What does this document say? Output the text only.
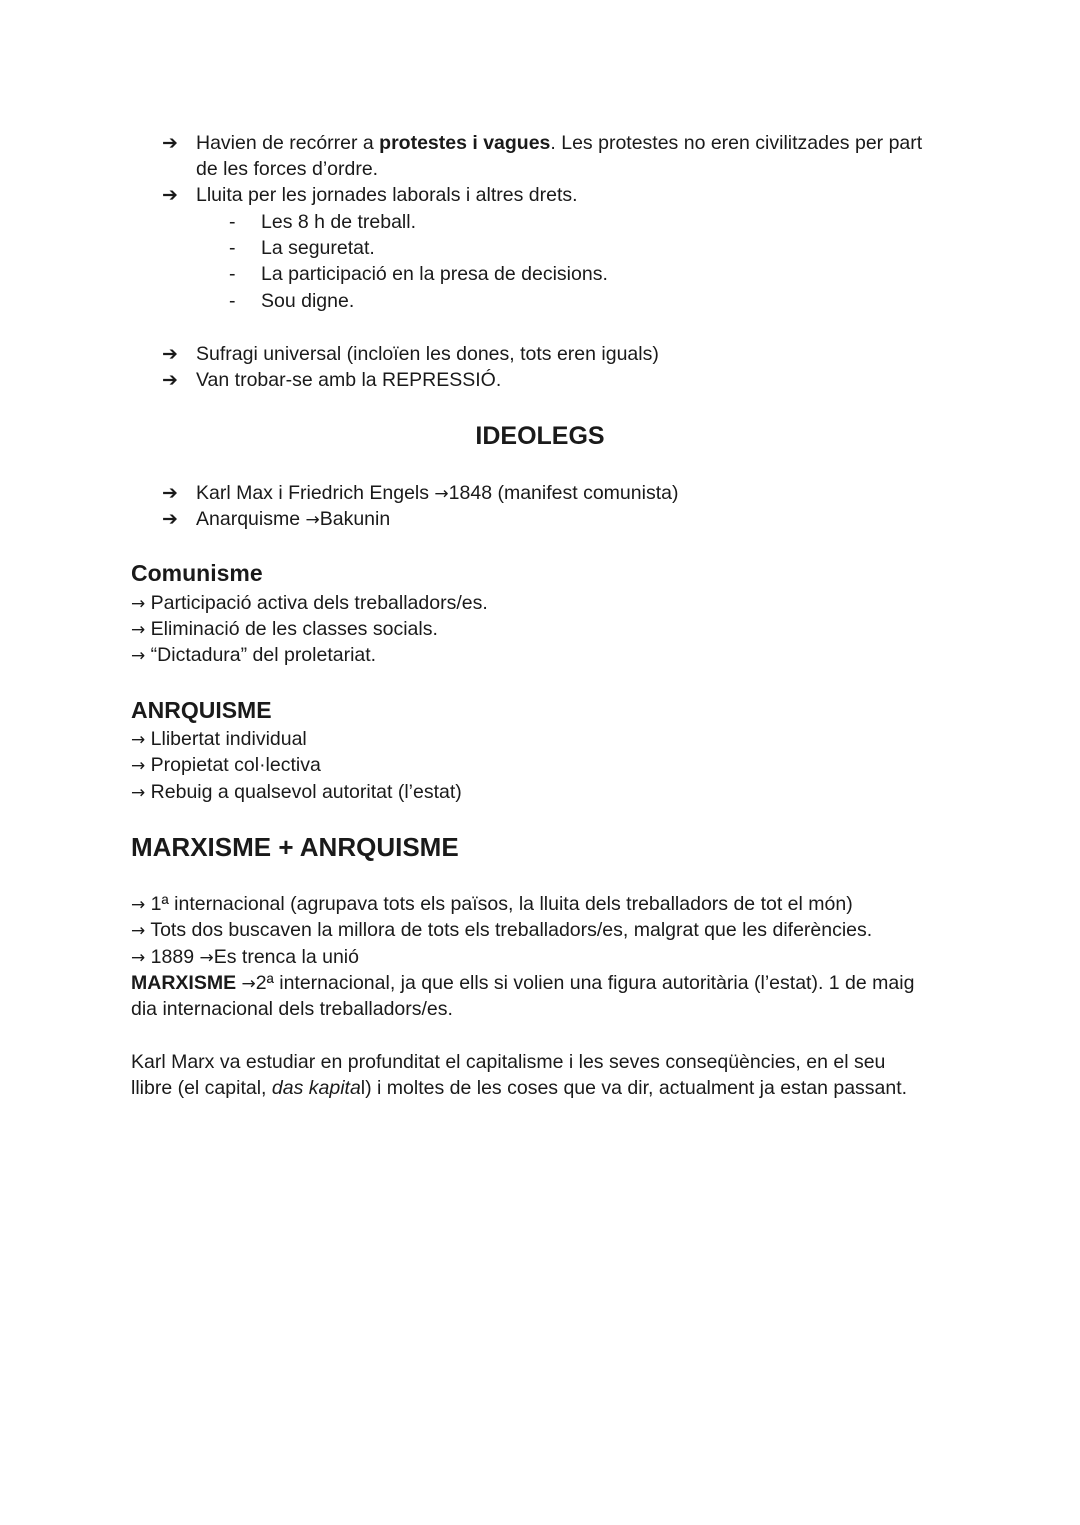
➔ Havien de recórrer a protestes i vagues. Les protestes no eren civilitzades per part
de les forces d’ordre.
➔ Lluita per les jornades laborals i altres drets.
- Les 8 h de treball.
- La seguretat.
- La participació en la presa de decisions.
- Sou digne.
➔ Sufragi universal (incloïen les dones, tots eren iguals)
➔ Van trobar-se amb la REPRESSIÓ.
IDEOLEGS
➔ Karl Max i Friedrich Engels →1848 (manifest comunista)
➔ Anarquisme →Bakunin
Comunisme
→ Participació activa dels treballadors/es.
→ Eliminació de les classes socials.
→ “Dictadura” del proletariat.
ANRQUISME
→ Llibertat individual
→ Propietat col·lectiva
→ Rebuig a qualsevol autoritat (l’estat)
MARXISME + ANRQUISME
→ 1ª internacional (agrupava tots els països, la lluita dels treballadors de tot el món)
→ Tots dos buscaven la millora de tots els treballadors/es, malgrat que les diferències.
→ 1889 →Es trenca la unió
MARXISME →2ª internacional, ja que ells si volien una figura autoritària (l’estat). 1 de maig
dia internacional dels treballadors/es.
Karl Marx va estudiar en profunditat el capitalisme i les seves conseqüències, en el seu
llibre (el capital, das kapital) i moltes de les coses que va dir, actualment ja estan passant.
